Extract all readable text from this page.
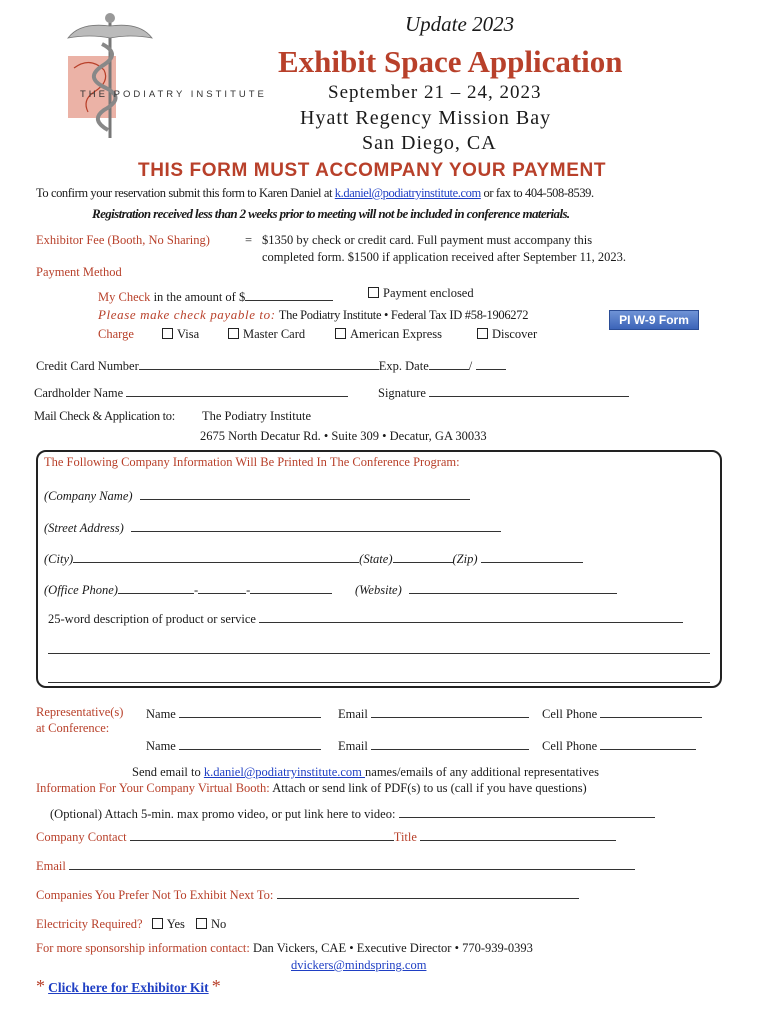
THE PODIATRY INSTITUTE
Update 2023
Exhibit Space Application
September 21 – 24, 2023
Hyatt Regency Mission Bay
San Diego, CA
THIS FORM MUST ACCOMPANY YOUR PAYMENT
To confirm your reservation submit this form to Karen Daniel at k.daniel@podiatryinstitute.com or fax to 404-508-8539.
Registration received less than 2 weeks prior to meeting will not be included in conference materials.
Exhibitor Fee (Booth, No Sharing)	= $1350 by check or credit card. Full payment must accompany this
completed form. $1500 if application received after September 11, 2023.
Payment Method
My Check in the amount of $	Payment enclosed
Please make check payable to: The Podiatry Institute • Federal Tax ID #58-1906272	PI W-9 Form
Charge	Visa	Master Card	American Express	Discover
Credit Card Number	Exp. Date	/
Cardholder Name	Signature
Mail Check & Application to: The Podiatry Institute
2675 North Decatur Rd. • Suite 309 • Decatur, GA 30033
The Following Company Information Will Be Printed In The Conference Program:
(Company Name)
(Street Address)
(City)	(State)	(Zip)
(Office Phone)	-	-	(Website)
25-word description of product or service
Representative(s)
at Conference:
Name	Email	Cell Phone
Name	Email	Cell Phone
Send email to k.daniel@podiatryinstitute.com names/emails of any additional representatives
Information For Your Company Virtual Booth: Attach or send link of PDF(s) to us (call if you have questions)
(Optional) Attach 5-min. max promo video, or put link here to video:
Company Contact	Title
Email
Companies You Prefer Not To Exhibit Next To:
Electricity Required? Yes No
For more sponsorship information contact: Dan Vickers, CAE • Executive Director • 770-939-0393
dvickers@mindspring.com
* Click here for Exhibitor Kit *
